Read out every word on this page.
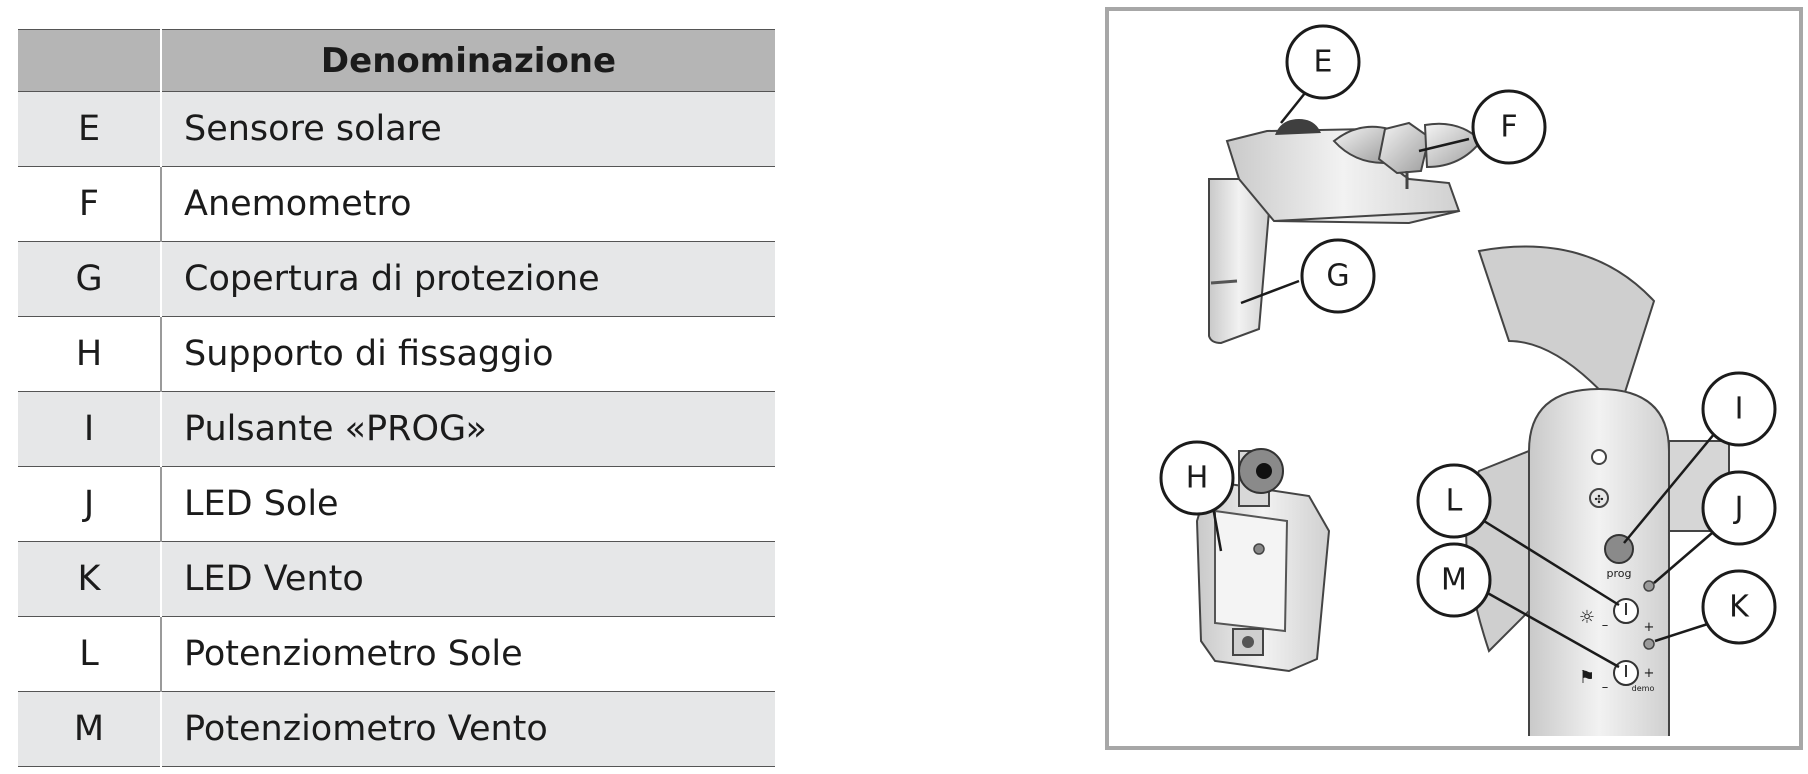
	Denominazione
E	Sensore solare
F	Anemometro
G	Copertura di protezione
H	Supporto di fissaggio
I	Pulsante «PROG»
J	LED Sole
K	LED Vento
L	Potenziometro Sole
M	Potenziometro Vento
✣
prog
☼ –	+
⚑ –
+
demo
E
F
G
H
I
J
K
L
M
